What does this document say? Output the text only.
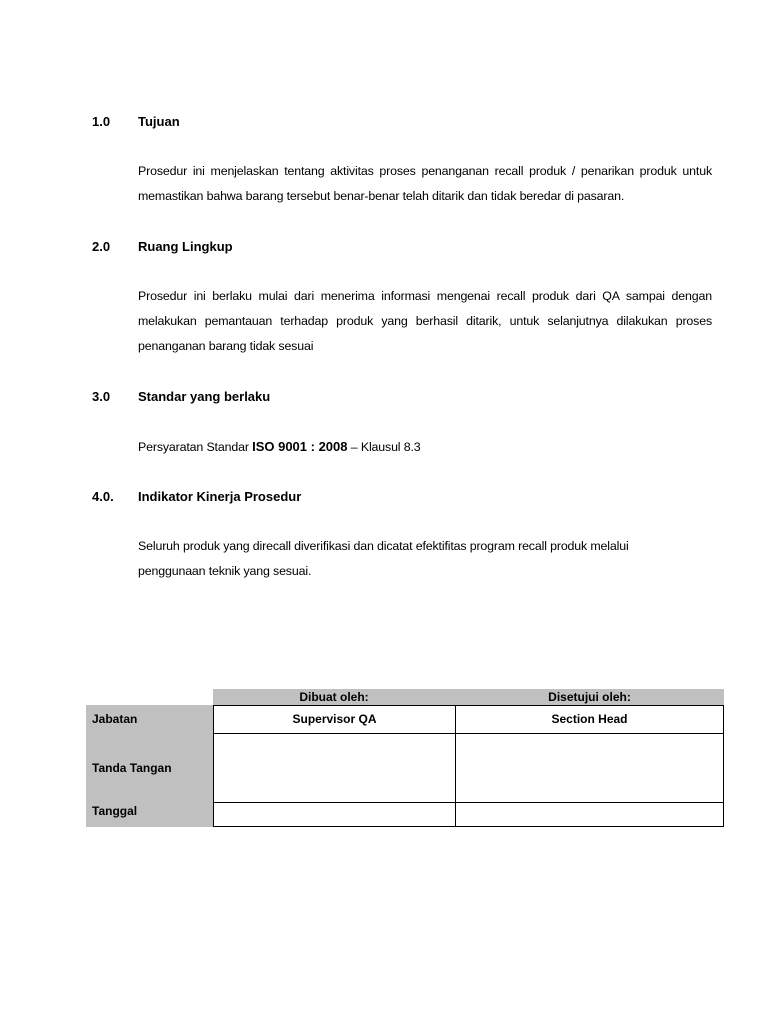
1.0 Tujuan
Prosedur ini menjelaskan tentang aktivitas proses penanganan recall produk / penarikan produk untuk
memastikan bahwa barang tersebut benar-benar telah ditarik dan tidak beredar di pasaran.
2.0 Ruang Lingkup
Prosedur ini berlaku mulai dari menerima informasi mengenai recall produk dari QA sampai dengan
melakukan pemantauan terhadap produk yang berhasil ditarik, untuk selanjutnya dilakukan proses
penanganan barang tidak sesuai
3.0 Standar yang berlaku
Persyaratan Standar ISO 9001 : 2008 – Klausul 8.3
4.0. Indikator Kinerja Prosedur
Seluruh produk yang direcall diverifikasi dan dicatat efektifitas program recall produk melalui
penggunaan teknik yang sesuai.
Dibuat oleh:	Disetujui oleh:
Jabatan
Tanda Tangan
Tanggal
Supervisor QA	Section Head
